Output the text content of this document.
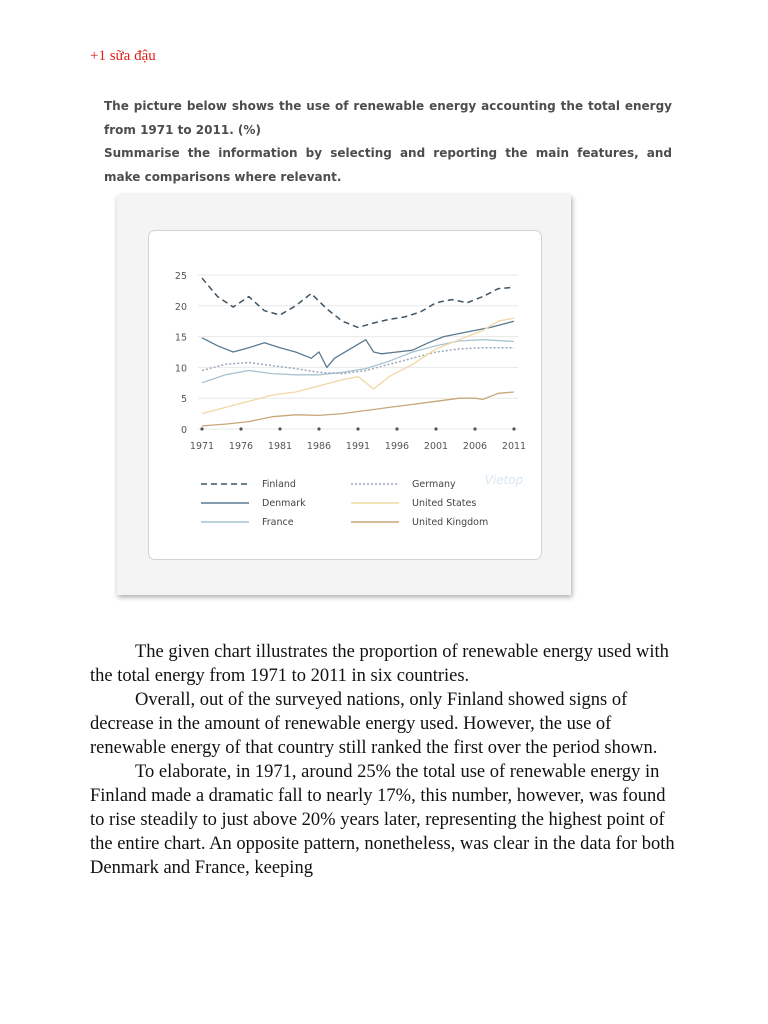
+1 sữa đậu

The picture below shows the use of renewable energy accounting the total energy from 1971 to 2011. (%)

Summarise the information by selecting and reporting the main features, and make comparisons where relevant.

0
5
10
15
20
25
1971 1976 1981 1986 1991 1996 2001 2006 2011
Vietop
Finland
Denmark
France
Germany
United States
United Kingdom

The given chart illustrates the proportion of renewable energy used with the total energy from 1971 to 2011 in six countries.

Overall, out of the surveyed nations, only Finland showed signs of decrease in the amount of renewable energy used. However, the use of renewable energy of that country still ranked the first over the period shown.

To elaborate, in 1971, around 25% the total use of renewable energy in Finland made a dramatic fall to nearly 17%, this number, however, was found to rise steadily to just above 20% years later, representing the highest point of the entire chart. An opposite pattern, nonetheless, was clear in the data for both Denmark and France, keeping
